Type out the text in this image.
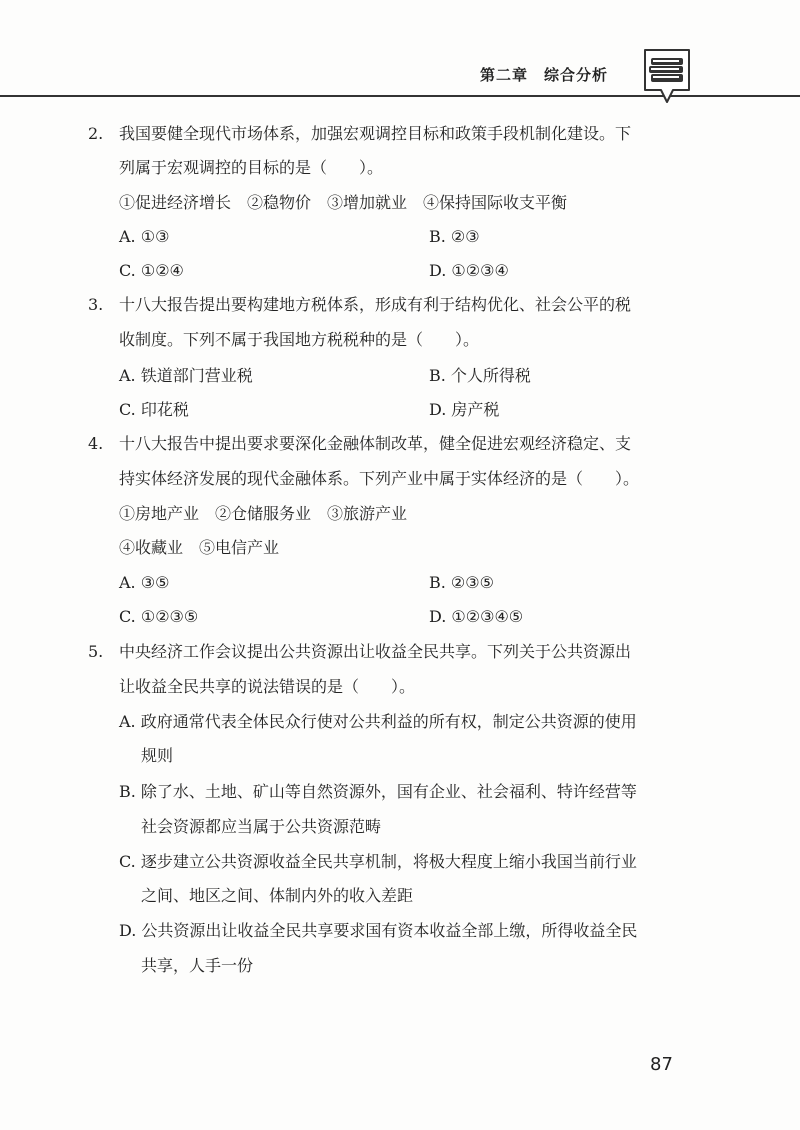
第二章　综合分析
2. 我国要健全现代市场体系，加强宏观调控目标和政策手段机制化建设。下
列属于宏观调控的目标的是（　　）。
①促进经济增长　②稳物价　③增加就业　④保持国际收支平衡
A. ①③	B. ②③
C. ①②④	D. ①②③④
3. 十八大报告提出要构建地方税体系，形成有利于结构优化、社会公平的税
收制度。下列不属于我国地方税税种的是（　　）。
A. 铁道部门营业税	B. 个人所得税
C. 印花税	D. 房产税
4. 十八大报告中提出要求要深化金融体制改革，健全促进宏观经济稳定、支
持实体经济发展的现代金融体系。下列产业中属于实体经济的是（　　）。
①房地产业　②仓储服务业　③旅游产业
④收藏业　⑤电信产业
A. ③⑤	B. ②③⑤
C. ①②③⑤	D. ①②③④⑤
5. 中央经济工作会议提出公共资源出让收益全民共享。下列关于公共资源出
让收益全民共享的说法错误的是（　　）。
A. 政府通常代表全体民众行使对公共利益的所有权，制定公共资源的使用
规则
B. 除了水、土地、矿山等自然资源外，国有企业、社会福利、特许经营等
社会资源都应当属于公共资源范畴
C. 逐步建立公共资源收益全民共享机制，将极大程度上缩小我国当前行业
之间、地区之间、体制内外的收入差距
D. 公共资源出让收益全民共享要求国有资本收益全部上缴，所得收益全民
共享，人手一份
87
